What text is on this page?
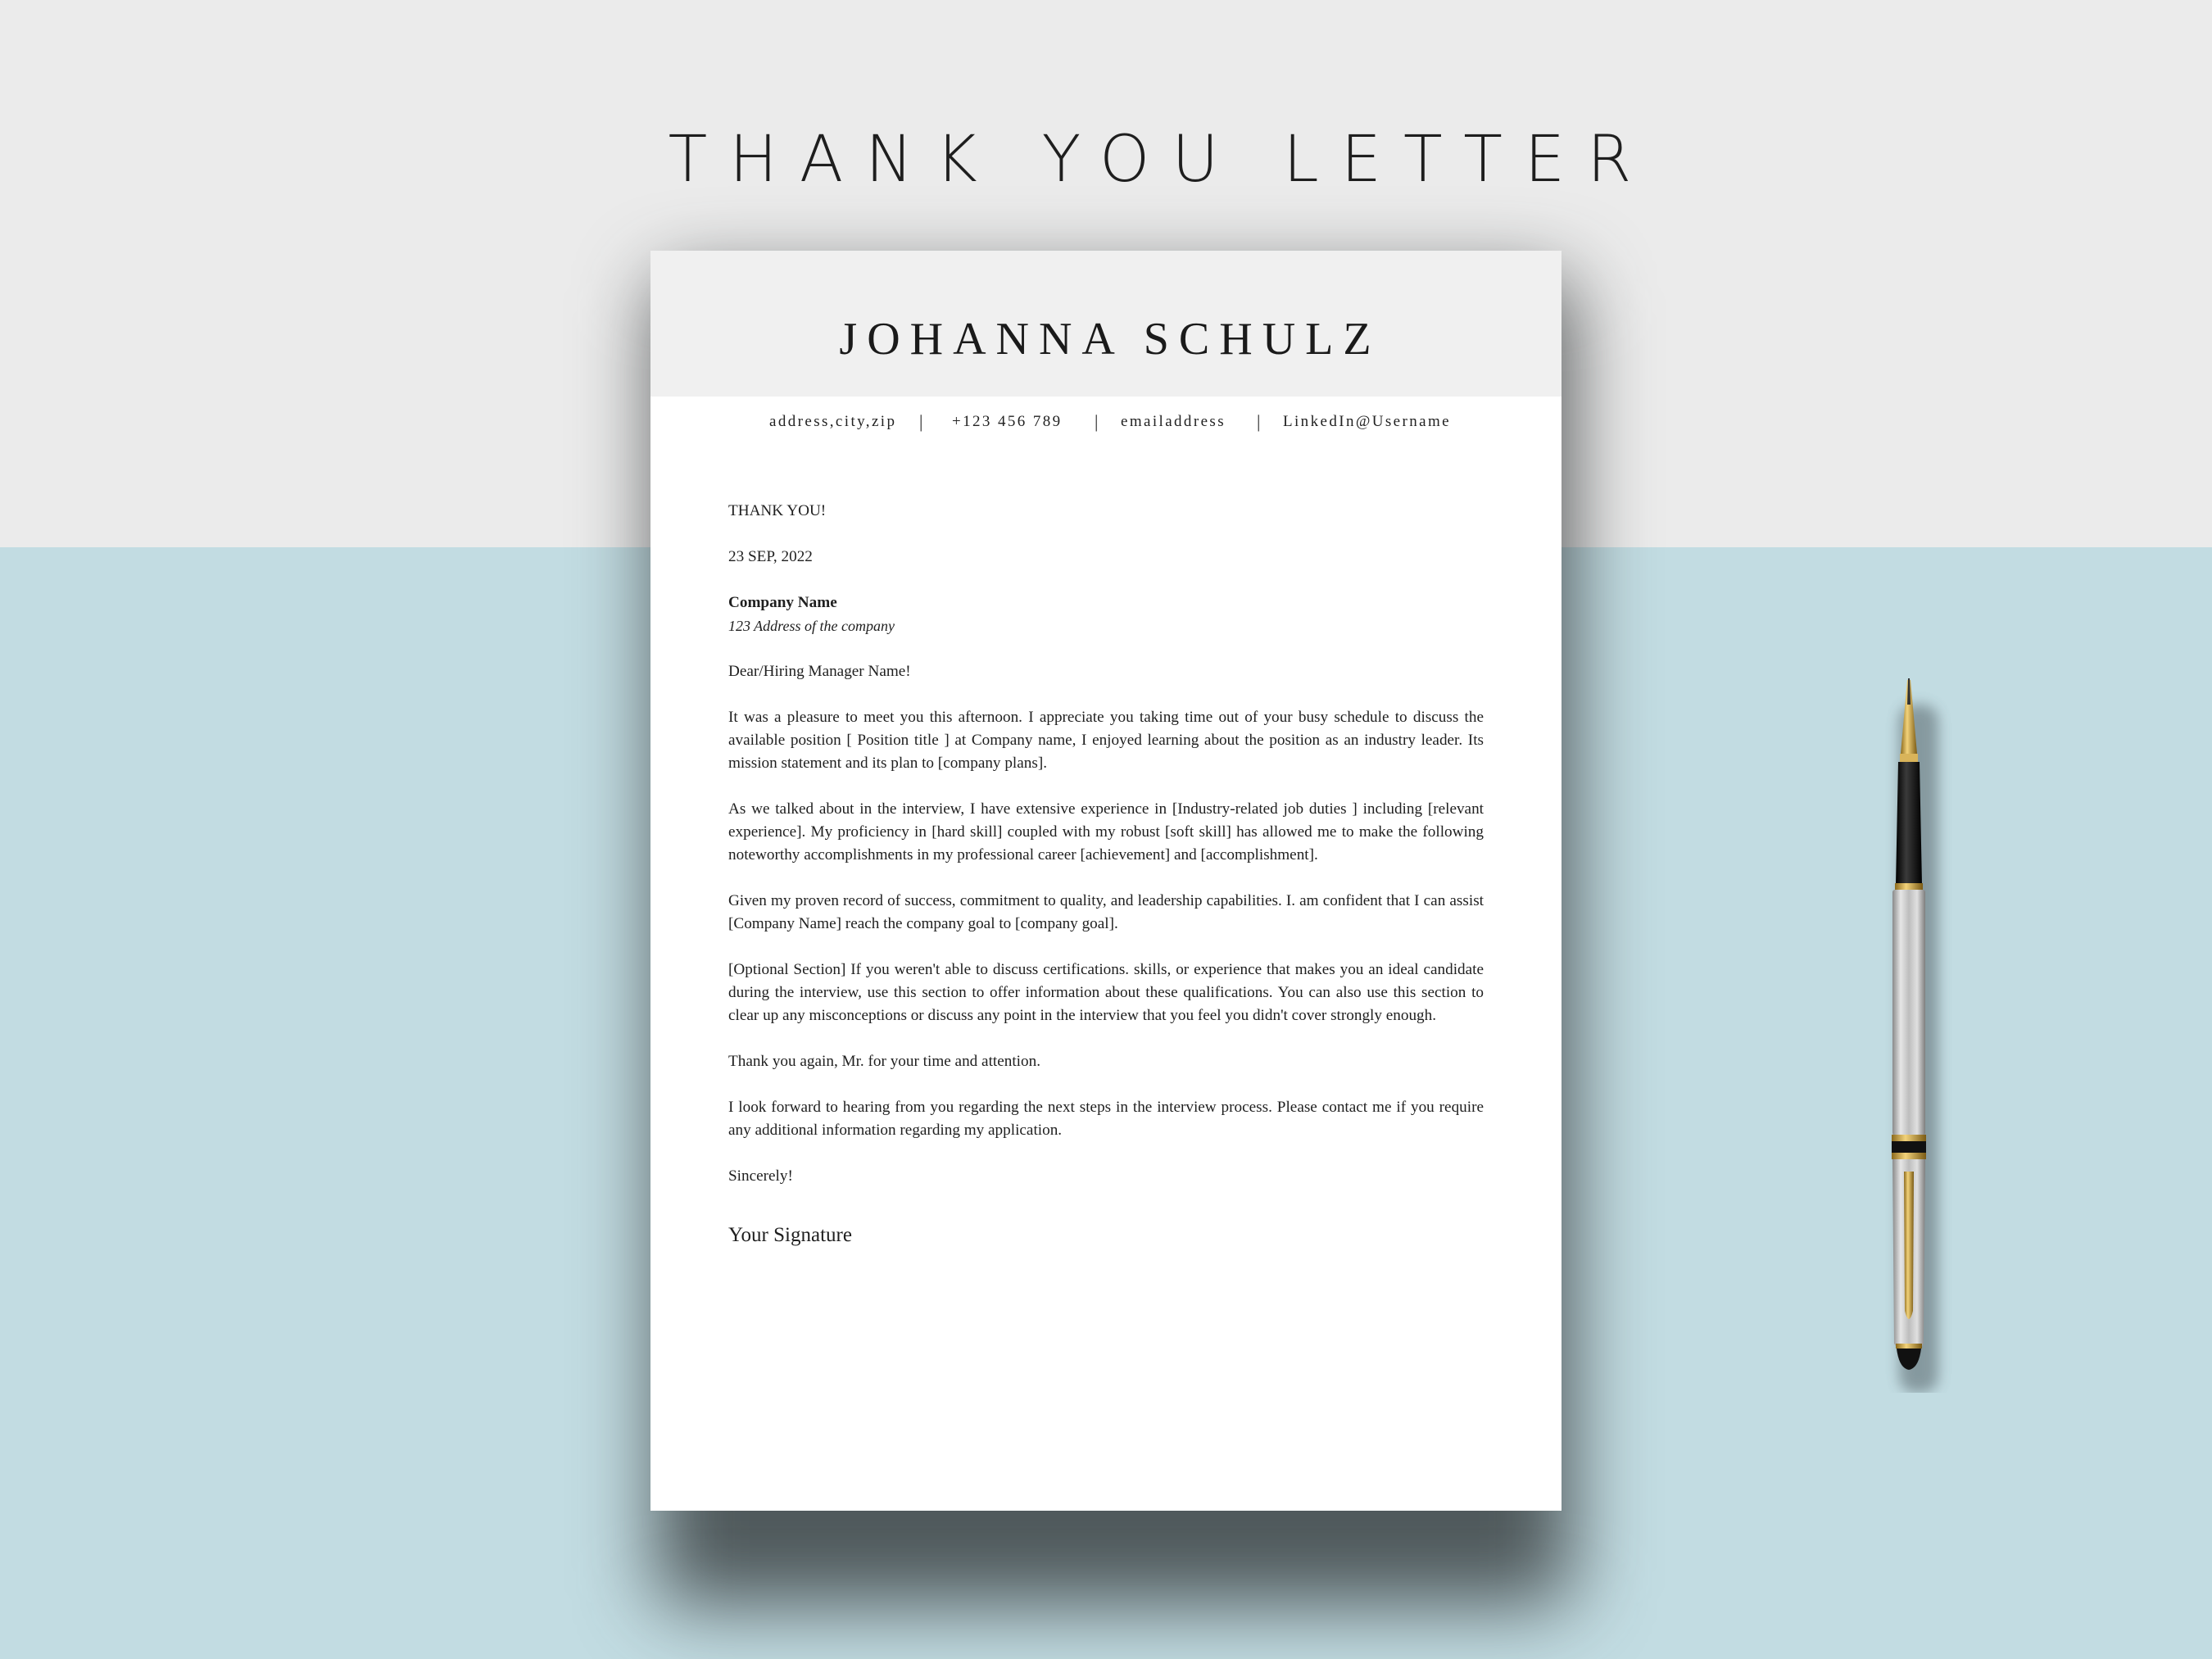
THANK YOU LETTER
JOHANNA SCHULZ
address,city,zip | +123 456 789 | emailaddress | LinkedIn@Username

THANK YOU!

23 SEP, 2022

Company Name

123 Address of the company

Dear/Hiring Manager Name!

It was a pleasure to meet you this afternoon. I appreciate you taking time out of your busy schedule to discuss the available position [ Position title ] at Company name, I enjoyed learning about the position as an industry leader. Its mission statement and its plan to [company plans].

As we talked about in the interview, I have extensive experience in [Industry-related job duties ] including [relevant experience]. My proficiency in [hard skill] coupled with my robust [soft skill] has allowed me to make the following noteworthy accomplishments in my professional career [achievement] and [accomplishment].

Given my proven record of success, commitment to quality, and leadership capabilities. I. am confident that I can assist [Company Name] reach the company goal to [company goal].

[Optional Section] If you weren't able to discuss certifications. skills, or experience that makes you an ideal candidate during the interview, use this section to offer information about these qualifications. You can also use this section to clear up any misconceptions or discuss any point in the interview that you feel you didn't cover strongly enough.

Thank you again, Mr. for your time and attention.

I look forward to hearing from you regarding the next steps in the interview process. Please contact me if you require any additional information regarding my application.

Sincerely!

Your Signature
